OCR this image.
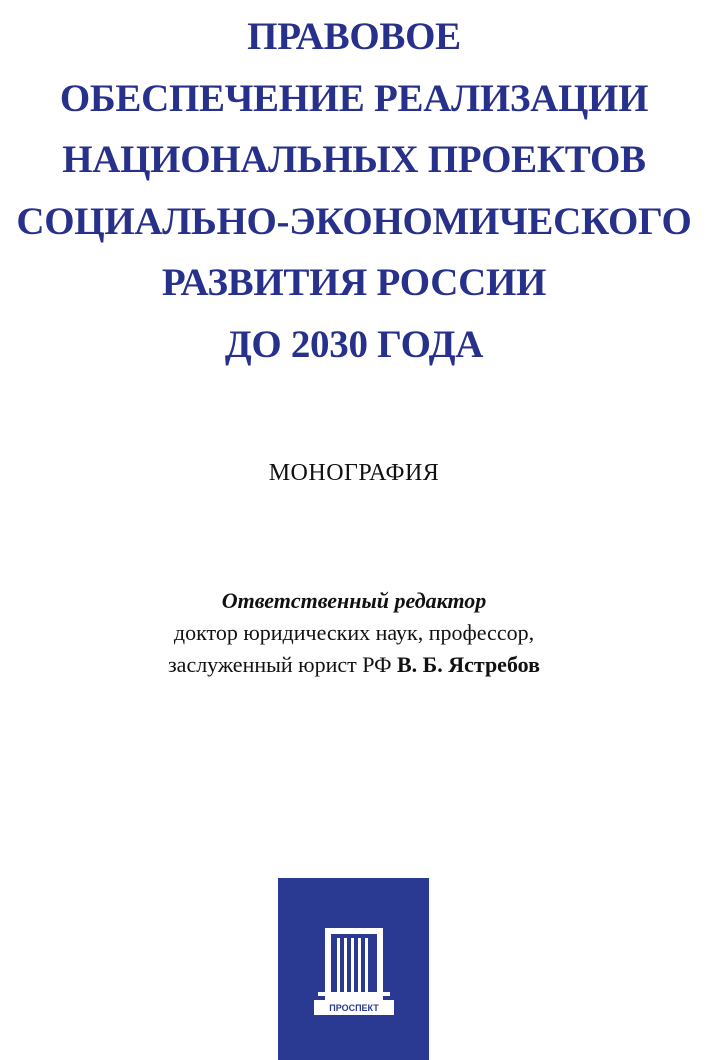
ПРАВОВОЕ
ОБЕСПЕЧЕНИЕ РЕАЛИЗАЦИИ
НАЦИОНАЛЬНЫХ ПРОЕКТОВ
СОЦИАЛЬНО-ЭКОНОМИЧЕСКОГО
РАЗВИТИЯ РОССИИ
ДО 2030 ГОДА
МОНОГРАФИЯ
Ответственный редактор
доктор юридических наук, профессор,
заслуженный юрист РФ В. Б. Ястребов
ПРОСПЕКТ
